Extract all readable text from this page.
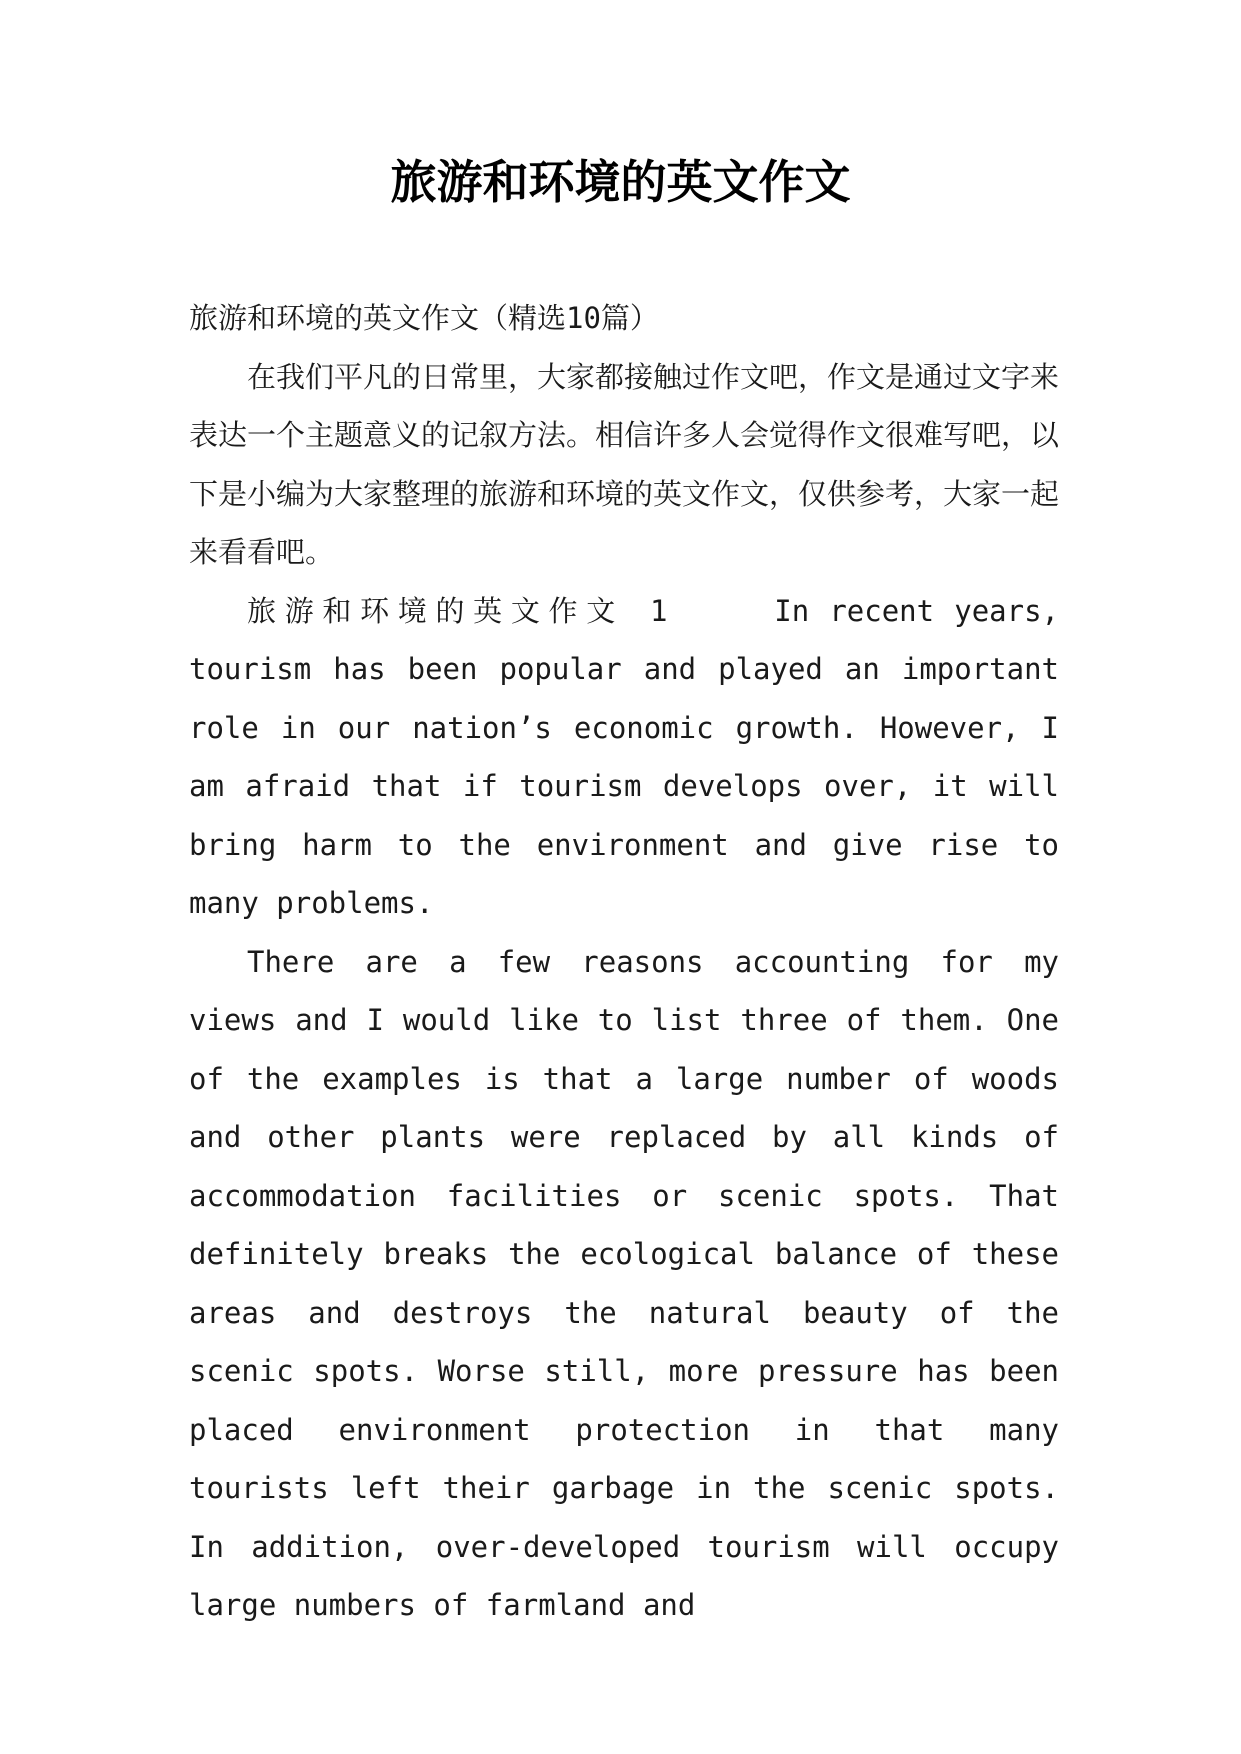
旅游和环境的英文作文

旅游和环境的英文作文（精选10篇）

在我们平凡的日常里，大家都接触过作文吧，作文是通过文字来表达一个主题意义的记叙方法。相信许多人会觉得作文很难写吧，以下是小编为大家整理的旅游和环境的英文作文，仅供参考，大家一起来看看吧。

旅游和环境的英文作文 1	In recent years, tourism has been popular and played an important role in our nation’s economic growth. However, I am afraid that if tourism develops over, it will bring harm to the environment and give rise to many problems.

There are a few reasons accounting for my views and I would like to list three of them. One of the examples is that a large number of woods and other plants were replaced by all kinds of accommodation facilities or scenic spots. That definitely breaks the ecological balance of these areas and destroys the natural beauty of the scenic spots. Worse still, more pressure has been placed environment protection in that many tourists left their garbage in the scenic spots. In addition, over-developed tourism will occupy large numbers of farmland and
